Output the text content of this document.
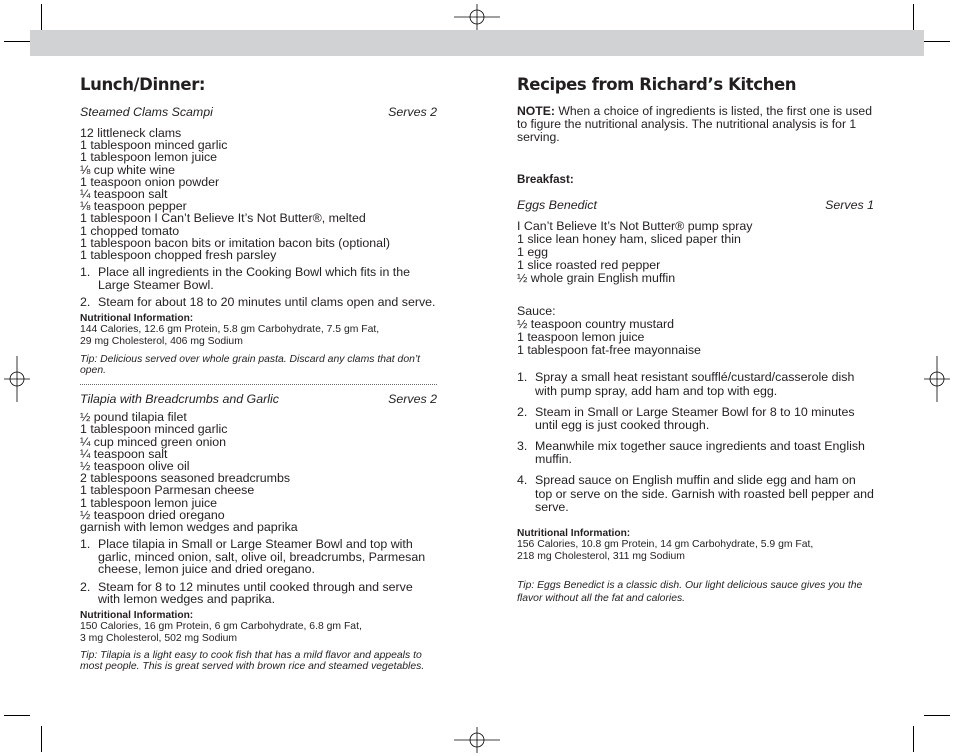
Lunch/Dinner:
Steamed Clams Scampi	Serves 2
12 littleneck clams
1 tablespoon minced garlic
1 tablespoon lemon juice
⅛ cup white wine
1 teaspoon onion powder
¼ teaspoon salt
⅛ teaspoon pepper
1 tablespoon I Can’t Believe It’s Not Butter®, melted
1 chopped tomato
1 tablespoon bacon bits or imitation bacon bits (optional)
1 tablespoon chopped fresh parsley
1. Place all ingredients in the Cooking Bowl which fits in the Large Steamer Bowl.
2. Steam for about 18 to 20 minutes until clams open and serve.
Nutritional Information:
144 Calories, 12.6 gm Protein, 5.8 gm Carbohydrate, 7.5 gm Fat,
29 mg Cholesterol, 406 mg Sodium
Tip: Delicious served over whole grain pasta. Discard any clams that don’t open.
Tilapia with Breadcrumbs and Garlic	Serves 2
½ pound tilapia filet
1 tablespoon minced garlic
¼ cup minced green onion
¼ teaspoon salt
½ teaspoon olive oil
2 tablespoons seasoned breadcrumbs
1 tablespoon Parmesan cheese
1 tablespoon lemon juice
½ teaspoon dried oregano
garnish with lemon wedges and paprika
1. Place tilapia in Small or Large Steamer Bowl and top with garlic, minced onion, salt, olive oil, breadcrumbs, Parmesan cheese, lemon juice and dried oregano.
2. Steam for 8 to 12 minutes until cooked through and serve with lemon wedges and paprika.
Nutritional Information:
150 Calories, 16 gm Protein, 6 gm Carbohydrate, 6.8 gm Fat,
3 mg Cholesterol, 502 mg Sodium
Tip: Tilapia is a light easy to cook fish that has a mild flavor and appeals to most people. This is great served with brown rice and steamed vegetables.
Recipes from Richard’s Kitchen
NOTE: When a choice of ingredients is listed, the first one is used to figure the nutritional analysis. The nutritional analysis is for 1 serving.
Breakfast:
Eggs Benedict	Serves 1
I Can’t Believe It’s Not Butter® pump spray
1 slice lean honey ham, sliced paper thin
1 egg
1 slice roasted red pepper
½ whole grain English muffin
Sauce:
½ teaspoon country mustard
1 teaspoon lemon juice
1 tablespoon fat-free mayonnaise
1. Spray a small heat resistant soufflé/custard/casserole dish with pump spray, add ham and top with egg.
2. Steam in Small or Large Steamer Bowl for 8 to 10 minutes until egg is just cooked through.
3. Meanwhile mix together sauce ingredients and toast English muffin.
4. Spread sauce on English muffin and slide egg and ham on top or serve on the side. Garnish with roasted bell pepper and serve.
Nutritional Information:
156 Calories, 10.8 gm Protein, 14 gm Carbohydrate, 5.9 gm Fat,
218 mg Cholesterol, 311 mg Sodium
Tip: Eggs Benedict is a classic dish. Our light delicious sauce gives you the flavor without all the fat and calories.
